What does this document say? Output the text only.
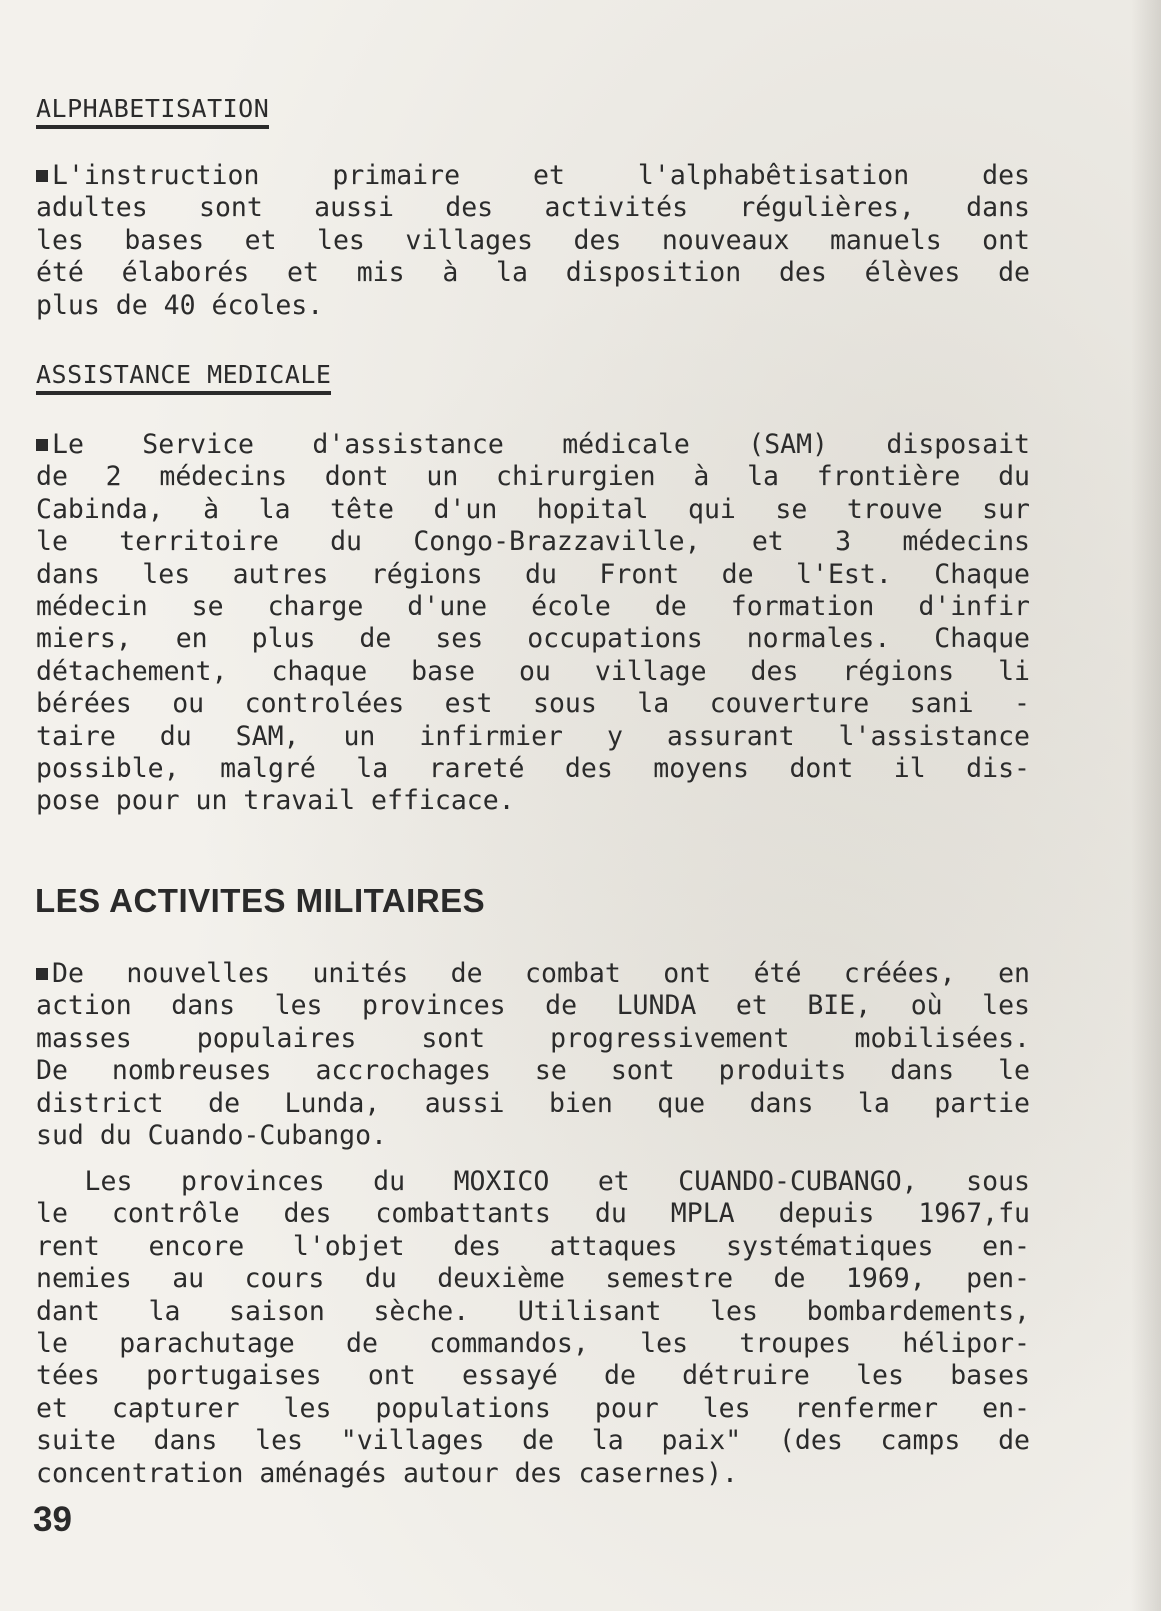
ALPHABETISATION
L'instruction primaire et l'alphabêtisation des
adultes sont aussi des activités régulières, dans
les bases et les villages des nouveaux manuels ont
été élaborés et mis à la disposition des élèves de
plus de 40 écoles.
ASSISTANCE MEDICALE
Le Service d'assistance médicale (SAM) disposait
de 2 médecins dont un chirurgien à la frontière du
Cabinda, à la tête d'un hopital qui se trouve sur
le territoire du Congo-Brazzaville, et 3 médecins
dans les autres régions du Front de l'Est. Chaque
médecin se charge d'une école de formation d'infir
miers, en plus de ses occupations normales. Chaque
détachement, chaque base ou village des régions li
bérées ou controlées est sous la couverture sani -
taire du SAM, un infirmier y assurant l'assistance
possible, malgré la rareté des moyens dont il dis-
pose pour un travail efficace.
LES ACTIVITES MILITAIRES
De nouvelles unités de combat ont été créées, en
action dans les provinces de LUNDA et BIE, où les
masses populaires sont progressivement mobilisées.
De nombreuses accrochages se sont produits dans le
district de Lunda, aussi bien que dans la partie
sud du Cuando-Cubango.
Les provinces du MOXICO et CUANDO-CUBANGO, sous
le contrôle des combattants du MPLA depuis 1967,fu
rent encore l'objet des attaques systématiques en-
nemies au cours du deuxième semestre de 1969, pen-
dant la saison sèche. Utilisant les bombardements,
le parachutage de commandos, les troupes hélipor-
tées portugaises ont essayé de détruire les bases
et capturer les populations pour les renfermer en-
suite dans les "villages de la paix" (des camps de
concentration aménagés autour des casernes).
39
